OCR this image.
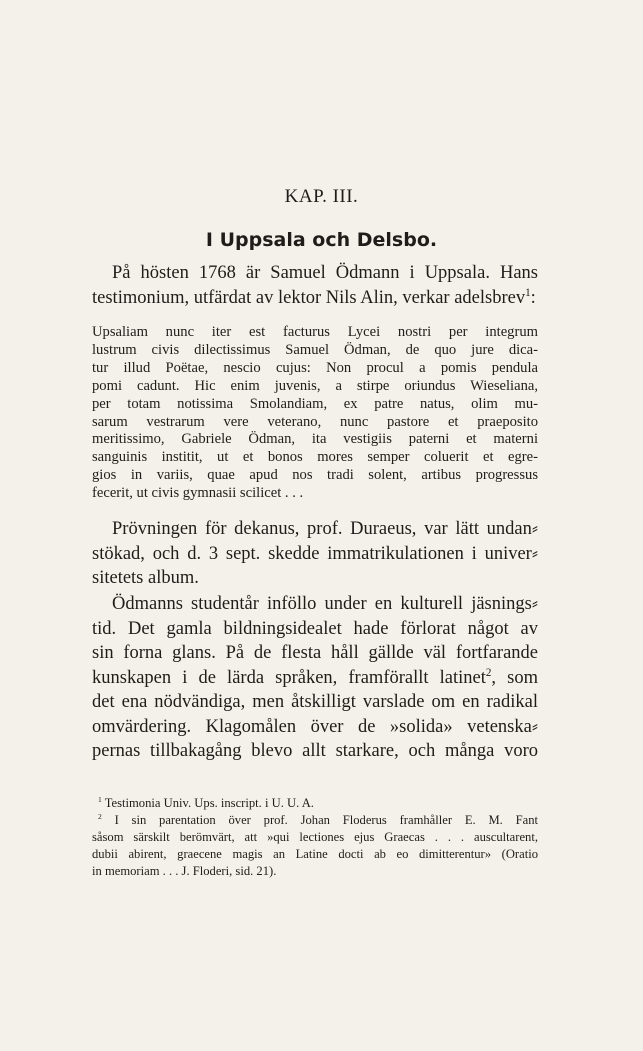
KAP. III.
I Uppsala och Delsbo.
På hösten 1768 är Samuel Ödmann i Uppsala. Hans
testimonium, utfärdat av lektor Nils Alin, verkar adelsbrev$^1$:
Upsaliam nunc iter est facturus Lycei nostri per integrum
lustrum civis dilectissimus Samuel Ödman, de quo jure dica-
tur illud Poëtae, nescio cujus: Non procul a pomis pendula
pomi cadunt. Hic enim juvenis, a stirpe oriundus Wieseliana,
per totam notissima Smolandiam, ex patre natus, olim mu-
sarum vestrarum vere veterano, nunc pastore et praeposito
meritissimo, Gabriele Ödman, ita vestigiis paterni et materni
sanguinis institit, ut et bonos mores semper coluerit et egre-
gios in variis, quae apud nos tradi solent, artibus progressus
fecerit, ut civis gymnasii scilicet . . .
Prövningen för dekanus, prof. Duraeus, var lätt undan⸗
stökad, och d. 3 sept. skedde immatrikulationen i univer⸗
sitetets album.
Ödmanns studentår inföllo under en kulturell jäsnings⸗
tid. Det gamla bildningsidealet hade förlorat något av
sin forna glans. På de flesta håll gällde väl fortfarande
kunskapen i de lärda språken, framförallt latinet$^2$, som
det ena nödvändiga, men åtskilligt varslade om en radikal
omvärdering. Klagomålen över de »solida» vetenska⸗
pernas tillbakagång blevo allt starkare, och många voro
$^1$ Testimonia Univ. Ups. inscript. i U. U. A.
$^2$ I sin parentation över prof. Johan Floderus framhåller E. M. Fant
såsom särskilt berömvärt, att »qui lectiones ejus Graecas . . . auscultarent,
dubii abirent, graecene magis an Latine docti ab eo dimitterentur» (Oratio
in memoriam . . . J. Floderi, sid. 21).
